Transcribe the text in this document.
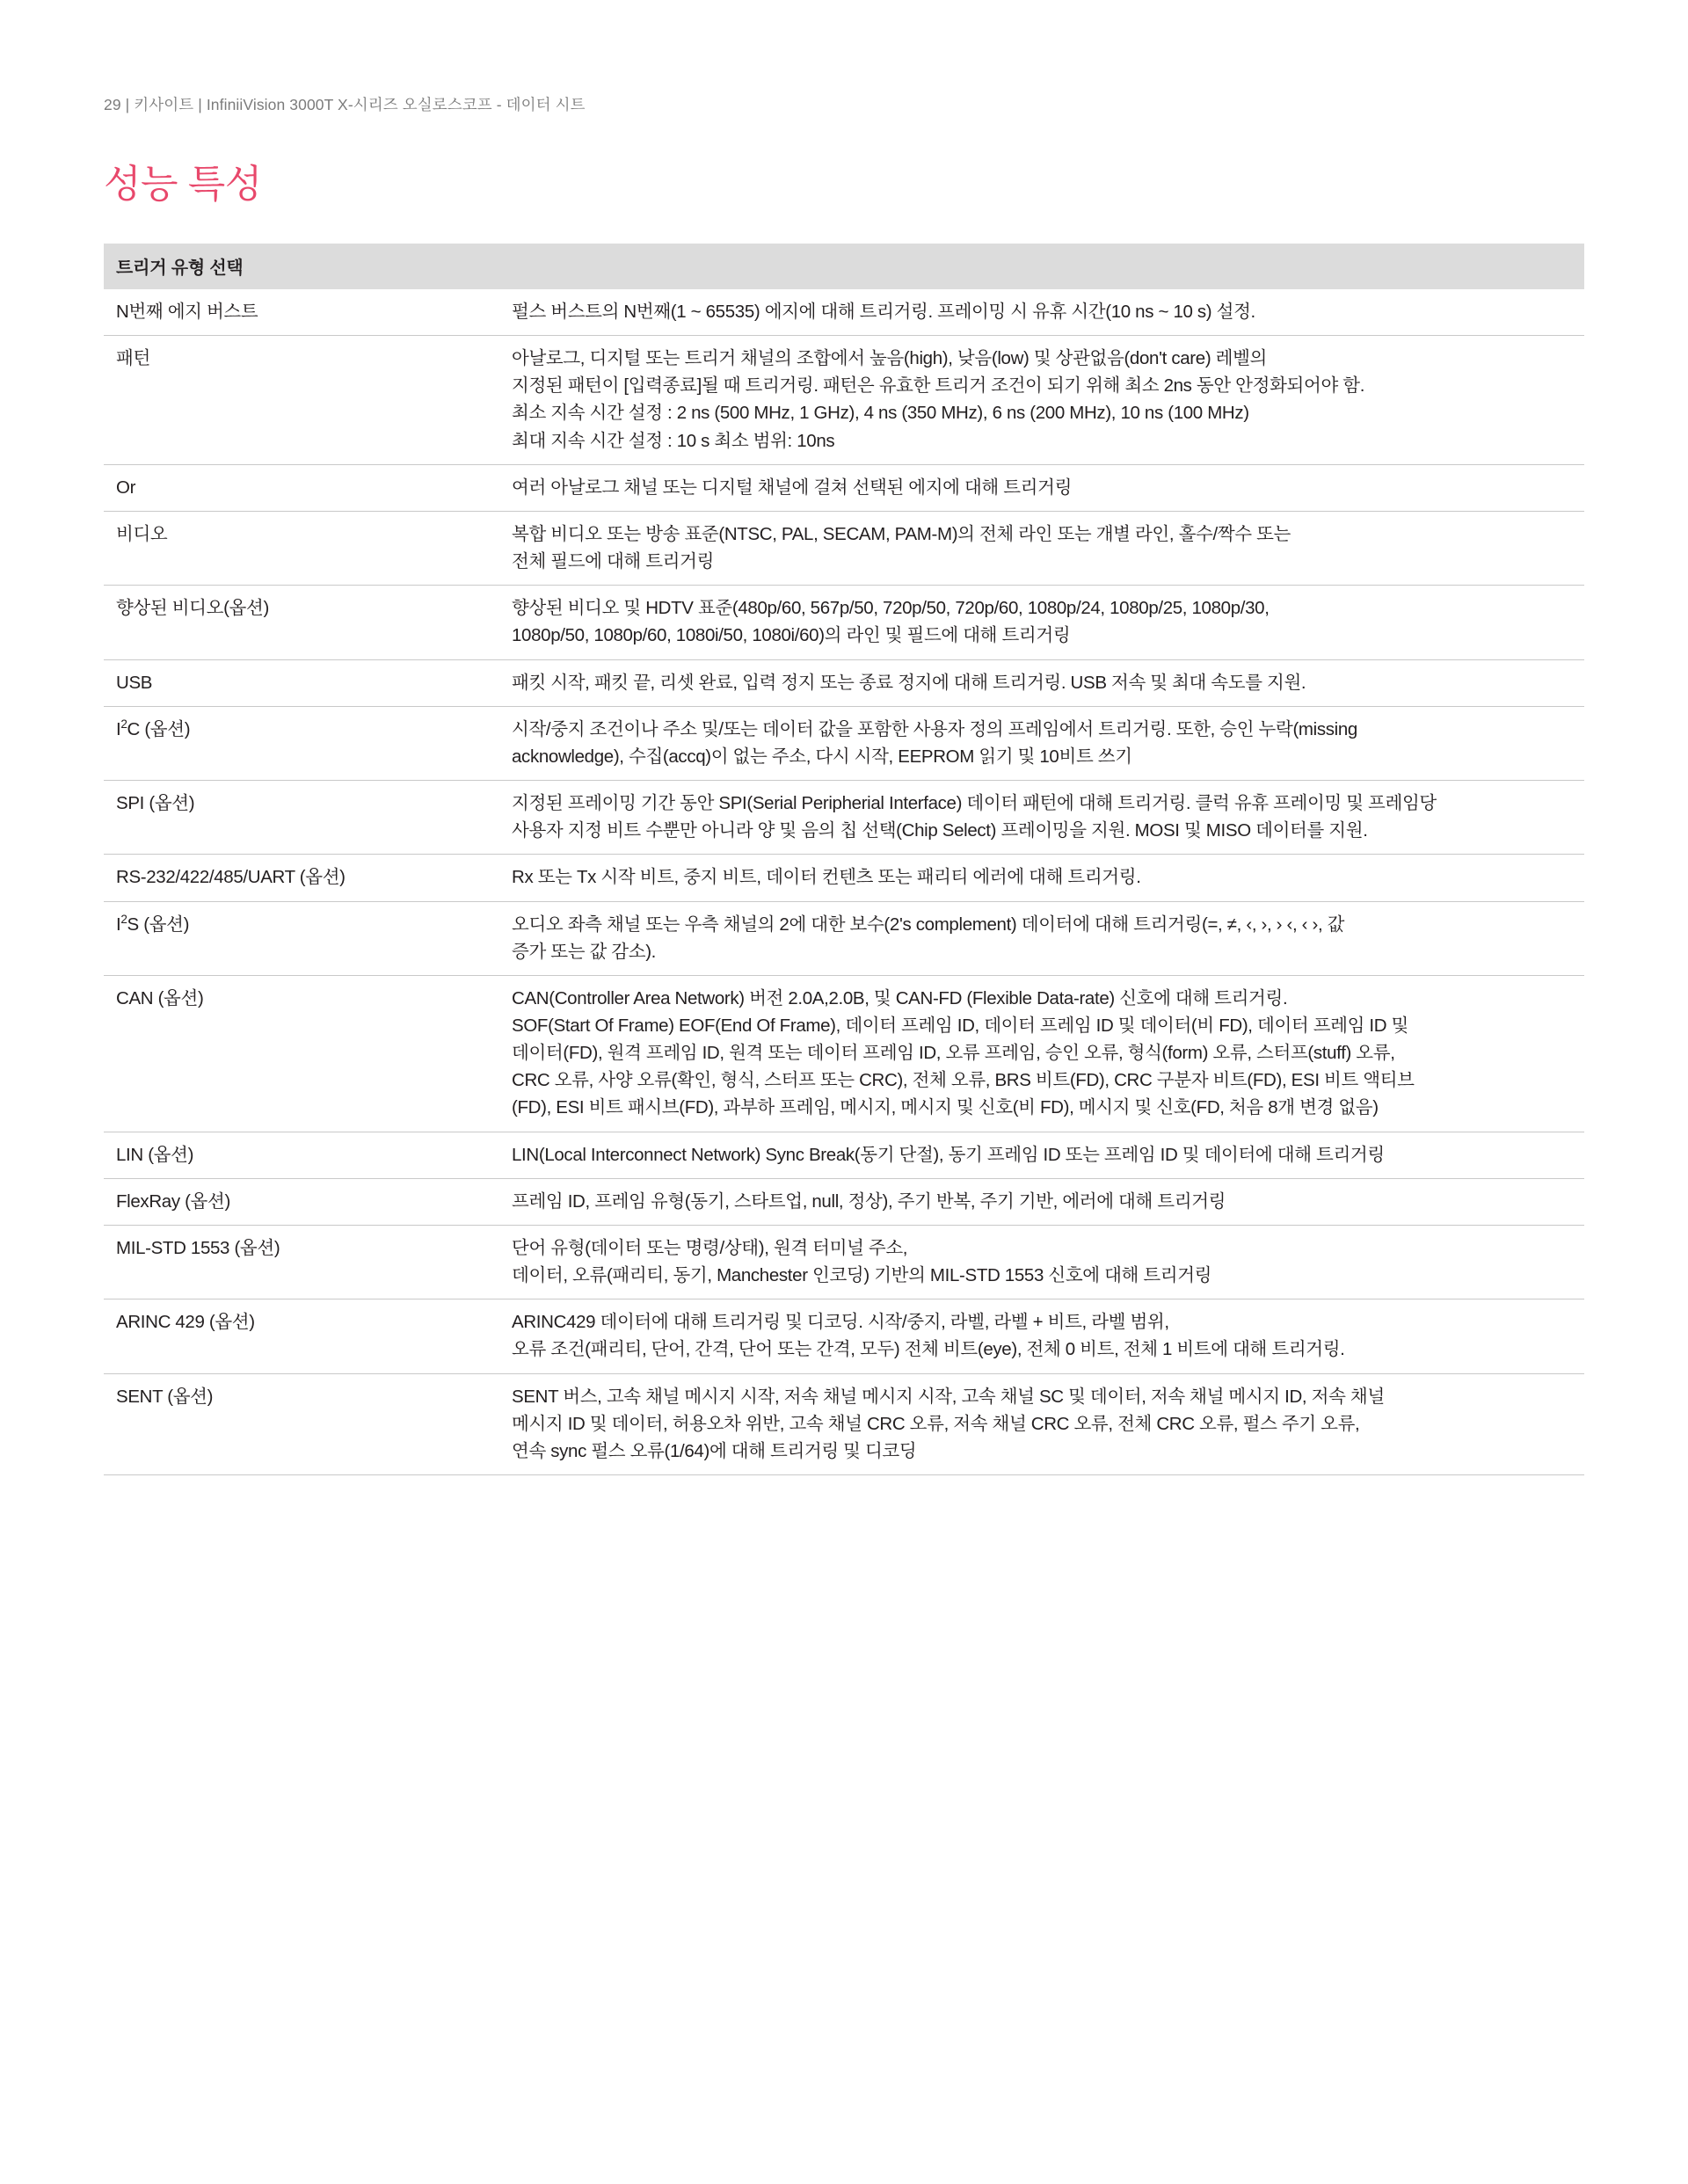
29 | 키사이트 | InfiniiVision 3000T X-시리즈 오실로스코프 - 데이터 시트
성능 특성
트리거 유형 선택	
N번째 에지 버스트	펄스 버스트의 N번째(1 ~ 65535) 에지에 대해 트리거링. 프레이밍 시 유휴 시간(10 ns ~ 10 s) 설정.

패턴	아날로그, 디지털 또는 트리거 채널의 조합에서 높음(high), 낮음(low) 및 상관없음(don't care) 레벨의

지정된 패턴이 [입력종료]될 때 트리거링. 패턴은 유효한 트리거 조건이 되기 위해 최소 2ns 동안 안정화되어야 함.

최소 지속 시간 설정 : 2 ns (500 MHz, 1 GHz), 4 ns (350 MHz), 6 ns (200 MHz), 10 ns (100 MHz)

최대 지속 시간 설정 : 10 s 최소 범위: 10ns

Or	여러 아날로그 채널 또는 디지털 채널에 걸쳐 선택된 에지에 대해 트리거링

비디오	복합 비디오 또는 방송 표준(NTSC, PAL, SECAM, PAM-M)의 전체 라인 또는 개별 라인, 홀수/짝수 또는

전체 필드에 대해 트리거링

향상된 비디오(옵션)	향상된 비디오 및 HDTV 표준(480p/60, 567p/50, 720p/50, 720p/60, 1080p/24, 1080p/25, 1080p/30,

1080p/50, 1080p/60, 1080i/50, 1080i/60)의 라인 및 필드에 대해 트리거링

USB	패킷 시작, 패킷 끝, 리셋 완료, 입력 정지 또는 종료 정지에 대해 트리거링. USB 저속 및 최대 속도를 지원.

$I^2C$ (옵션)	시작/중지 조건이나 주소 및/또는 데이터 값을 포함한 사용자 정의 프레임에서 트리거링. 또한, 승인 누락(missing

acknowledge), 수집(accq)이 없는 주소, 다시 시작, EEPROM 읽기 및 10비트 쓰기

SPI (옵션)	지정된 프레이밍 기간 동안 SPI(Serial Peripherial Interface) 데이터 패턴에 대해 트리거링. 클럭 유휴 프레이밍 및 프레임당

사용자 지정 비트 수뿐만 아니라 양 및 음의 칩 선택(Chip Select) 프레이밍을 지원. MOSI 및 MISO 데이터를 지원.

RS-232/422/485/UART (옵션)	Rx 또는 Tx 시작 비트, 중지 비트, 데이터 컨텐츠 또는 패리티 에러에 대해 트리거링.

$I^2S$ (옵션)	오디오 좌측 채널 또는 우측 채널의 2에 대한 보수(2's complement) 데이터에 대해 트리거링(=, ≠, ‹, ›, › ‹, ‹ ›, 값

증가 또는 값 감소).

CAN (옵션)	CAN(Controller Area Network) 버전 2.0A,2.0B, 및 CAN-FD (Flexible Data-rate) 신호에 대해 트리거링.

SOF(Start Of Frame) EOF(End Of Frame), 데이터 프레임 ID, 데이터 프레임 ID 및 데이터(비 FD), 데이터 프레임 ID 및

데이터(FD), 원격 프레임 ID, 원격 또는 데이터 프레임 ID, 오류 프레임, 승인 오류, 형식(form) 오류, 스터프(stuff) 오류,

CRC 오류, 사양 오류(확인, 형식, 스터프 또는 CRC), 전체 오류, BRS 비트(FD), CRC 구분자 비트(FD), ESI 비트 액티브

(FD), ESI 비트 패시브(FD), 과부하 프레임, 메시지, 메시지 및 신호(비 FD), 메시지 및 신호(FD, 처음 8개 변경 없음)

LIN (옵션)	LIN(Local Interconnect Network) Sync Break(동기 단절), 동기 프레임 ID 또는 프레임 ID 및 데이터에 대해 트리거링

FlexRay (옵션)	프레임 ID, 프레임 유형(동기, 스타트업, null, 정상), 주기 반복, 주기 기반, 에러에 대해 트리거링

MIL-STD 1553 (옵션)	단어 유형(데이터 또는 명령/상태), 원격 터미널 주소,

데이터, 오류(패리티, 동기, Manchester 인코딩) 기반의 MIL-STD 1553 신호에 대해 트리거링

ARINC 429 (옵션)	ARINC429 데이터에 대해 트리거링 및 디코딩. 시작/중지, 라벨, 라벨 + 비트, 라벨 범위,

오류 조건(패리티, 단어, 간격, 단어 또는 간격, 모두) 전체 비트(eye), 전체 0 비트, 전체 1 비트에 대해 트리거링.

SENT (옵션)	SENT 버스, 고속 채널 메시지 시작, 저속 채널 메시지 시작, 고속 채널 SC 및 데이터, 저속 채널 메시지 ID, 저속 채널

메시지 ID 및 데이터, 허용오차 위반, 고속 채널 CRC 오류, 저속 채널 CRC 오류, 전체 CRC 오류, 펄스 주기 오류,

연속 sync 펄스 오류(1/64)에 대해 트리거링 및 디코딩
